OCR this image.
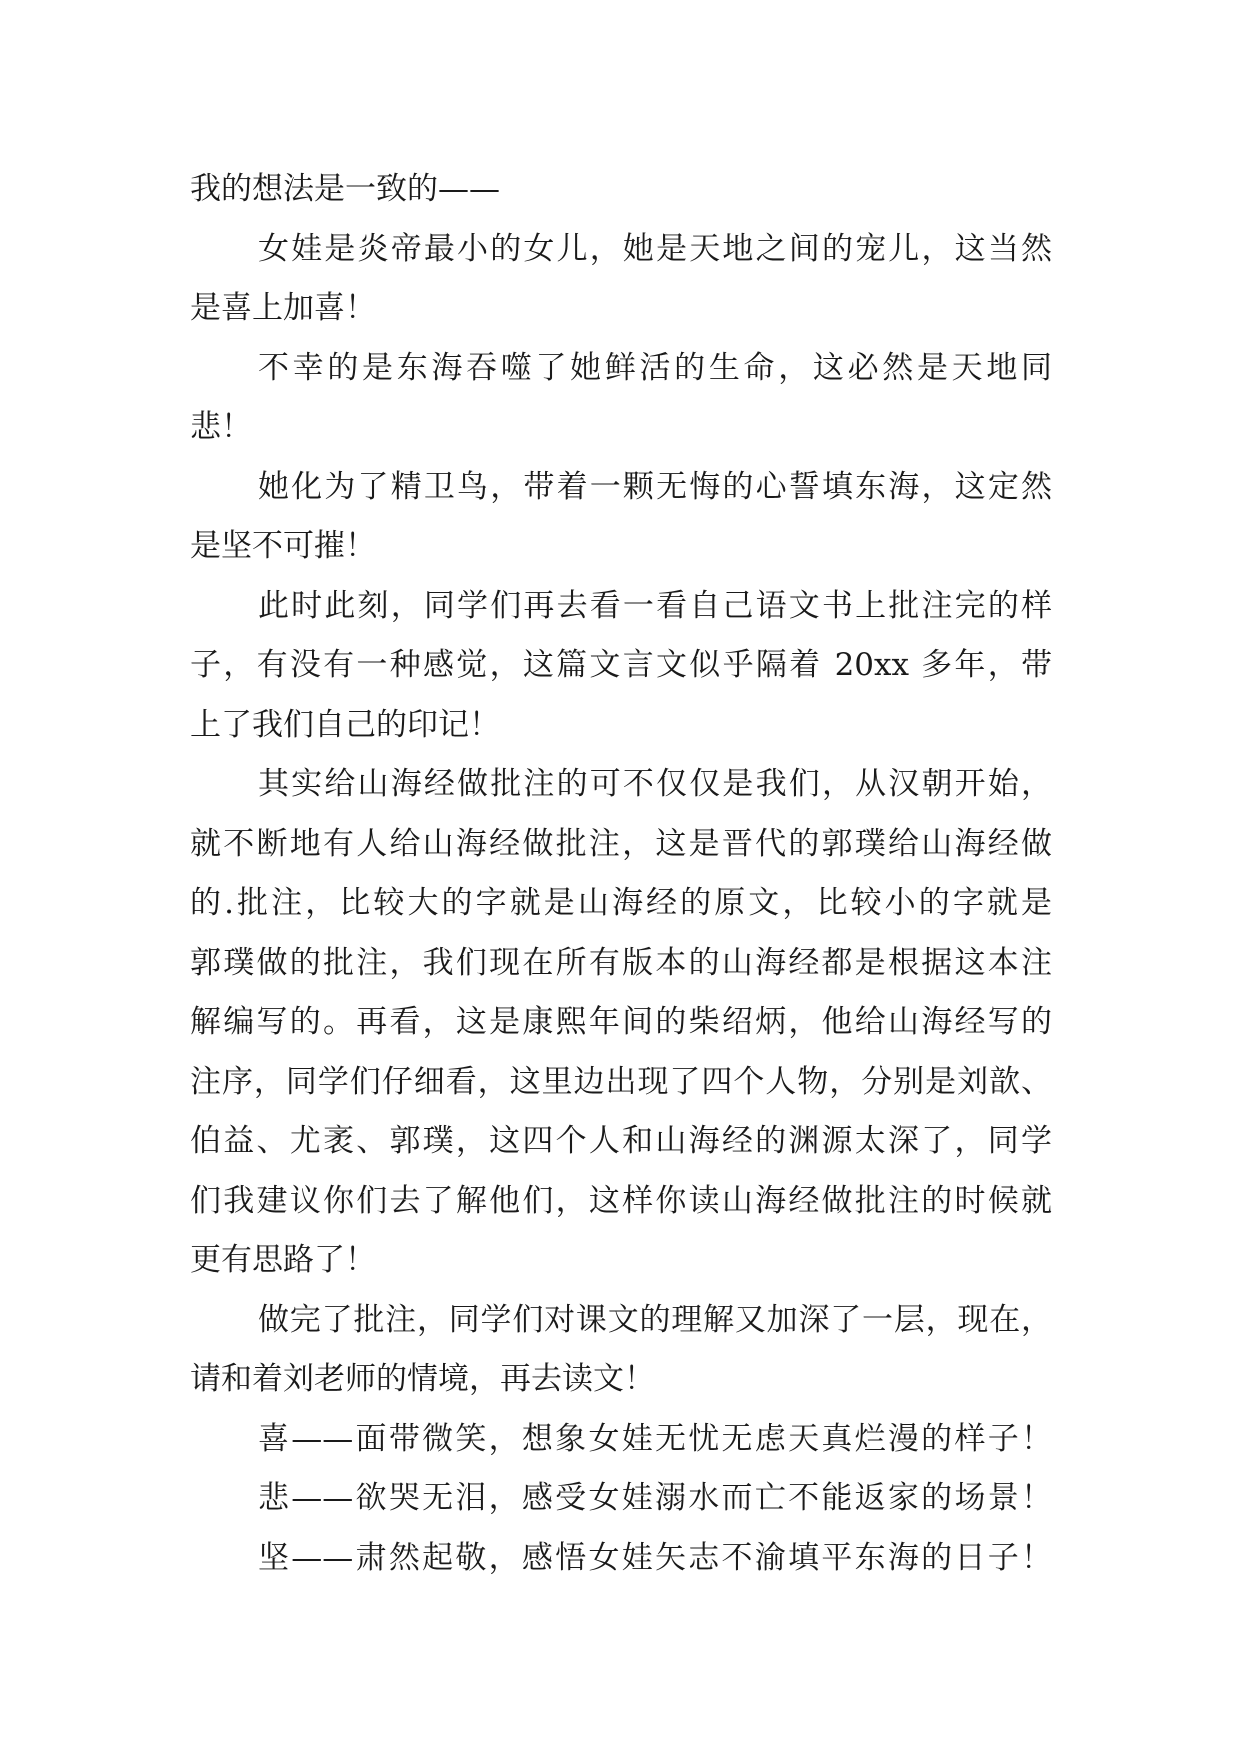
我的想法是一致的——
女娃是炎帝最小的女儿，她是天地之间的宠儿，这当然
是喜上加喜！
不幸的是东海吞噬了她鲜活的生命，这必然是天地同
悲！
她化为了精卫鸟，带着一颗无悔的心誓填东海，这定然
是坚不可摧！
此时此刻，同学们再去看一看自己语文书上批注完的样
子，有没有一种感觉，这篇文言文似乎隔着 20xx 多年，带
上了我们自己的印记！
其实给山海经做批注的可不仅仅是我们，从汉朝开始，
就不断地有人给山海经做批注，这是晋代的郭璞给山海经做
的.批注，比较大的字就是山海经的原文，比较小的字就是
郭璞做的批注，我们现在所有版本的山海经都是根据这本注
解编写的。再看，这是康熙年间的柴绍炳，他给山海经写的
注序，同学们仔细看，这里边出现了四个人物，分别是刘歆、
伯益、尤袤、郭璞，这四个人和山海经的渊源太深了，同学
们我建议你们去了解他们，这样你读山海经做批注的时候就
更有思路了！
做完了批注，同学们对课文的理解又加深了一层，现在，
请和着刘老师的情境，再去读文！
喜——面带微笑，想象女娃无忧无虑天真烂漫的样子！
悲——欲哭无泪，感受女娃溺水而亡不能返家的场景！
坚——肃然起敬，感悟女娃矢志不渝填平东海的日子！
